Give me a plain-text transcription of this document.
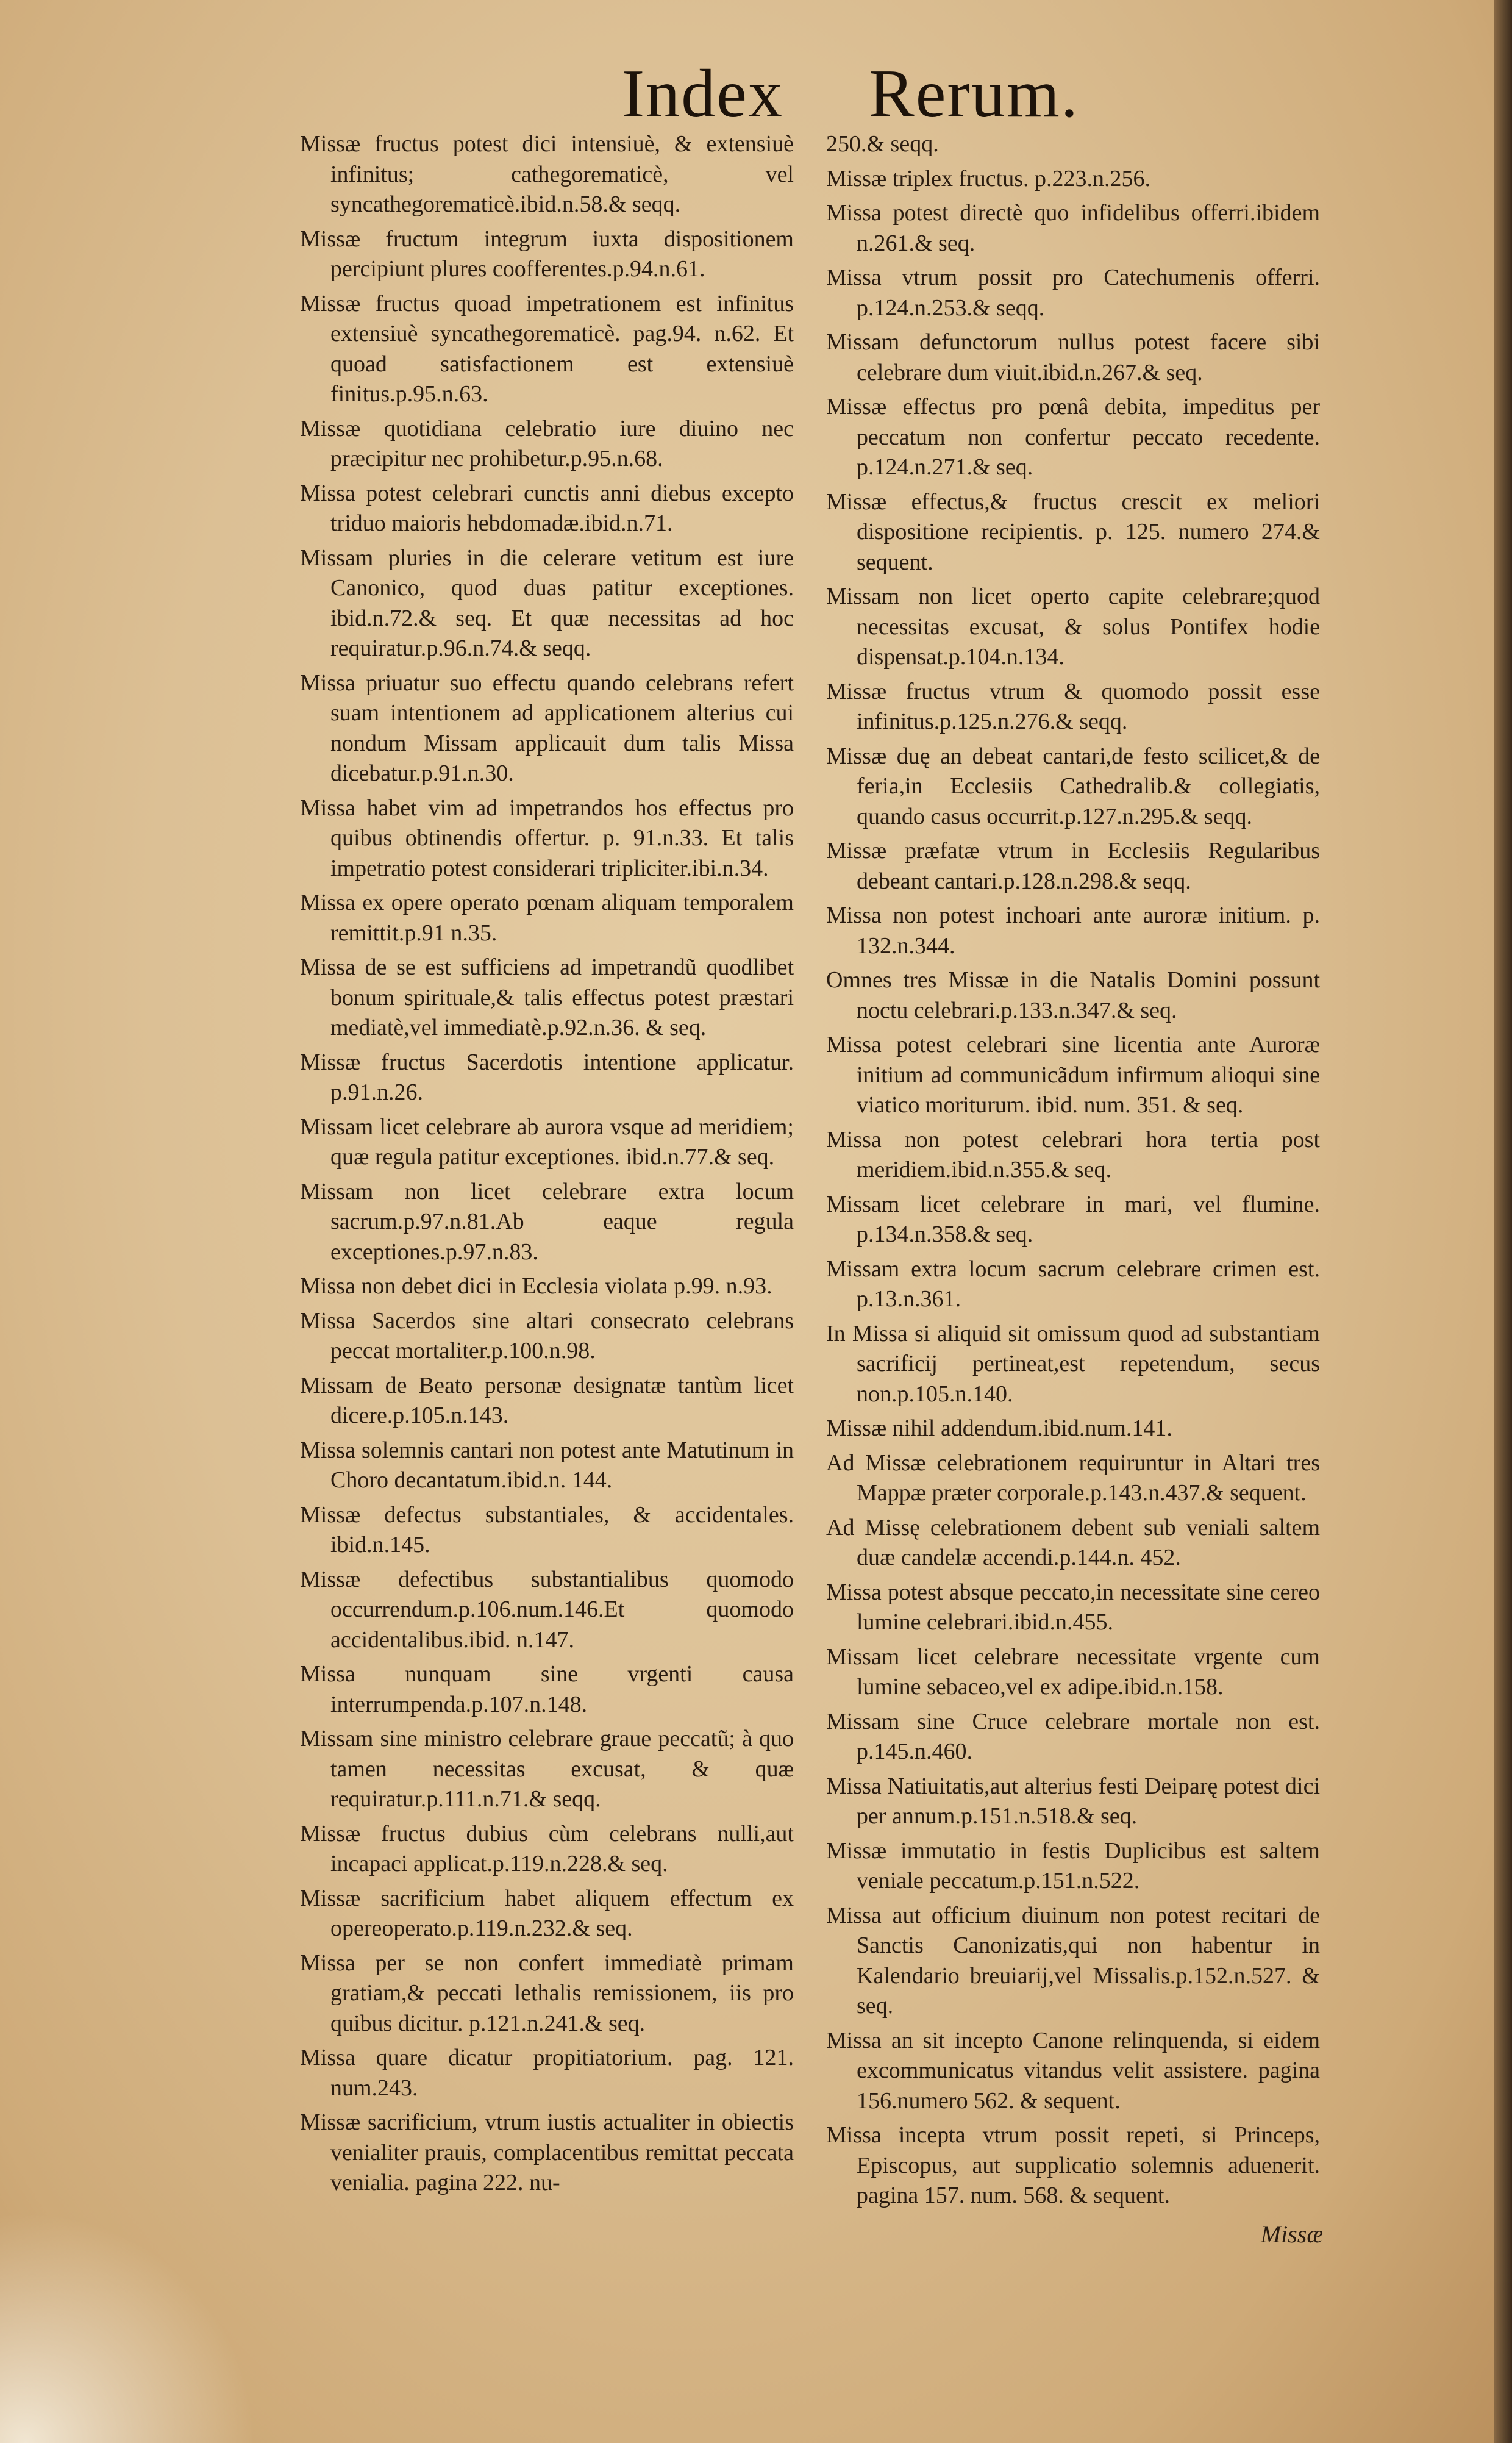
Index Rerum.

Missæ fructus potest dici intensiuè, & extensiuè infinitus; cathegorematicè, vel syncathegorematicè.ibid.n.58.& seqq.

Missæ fructum integrum iuxta dispositionem percipiunt plures coofferentes.p.94.n.61.

Missæ fructus quoad impetrationem est infinitus extensiuè syncathegorematicè. pag.94. n.62. Et quoad satisfactionem est extensiuè finitus.p.95.n.63.

Missæ quotidiana celebratio iure diuino nec præcipitur nec prohibetur.p.95.n.68.

Missa potest celebrari cunctis anni diebus excepto triduo maioris hebdomadæ.ibid.n.71.

Missam pluries in die celerare vetitum est iure Canonico, quod duas patitur exceptiones. ibid.n.72.& seq. Et quæ necessitas ad hoc requiratur.p.96.n.74.& seqq.

Missa priuatur suo effectu quando celebrans refert suam intentionem ad applicationem alterius cui nondum Missam applicauit dum talis Missa dicebatur.p.91.n.30.

Missa habet vim ad impetrandos hos effectus pro quibus obtinendis offertur. p. 91.n.33. Et talis impetratio potest considerari tripliciter.ibi.n.34.

Missa ex opere operato pœnam aliquam temporalem remittit.p.91 n.35.

Missa de se est sufficiens ad impetrandũ quodlibet bonum spirituale,& talis effectus potest præstari mediatè,vel immediatè.p.92.n.36. & seq.

Missæ fructus Sacerdotis intentione applicatur. p.91.n.26.

Missam licet celebrare ab aurora vsque ad meridiem; quæ regula patitur exceptiones. ibid.n.77.& seq.

Missam non licet celebrare extra locum sacrum.p.97.n.81.Ab eaque regula exceptiones.p.97.n.83.

Missa non debet dici in Ecclesia violata p.99. n.93.

Missa Sacerdos sine altari consecrato celebrans peccat mortaliter.p.100.n.98.

Missam de Beato personæ designatæ tantùm licet dicere.p.105.n.143.

Missa solemnis cantari non potest ante Matutinum in Choro decantatum.ibid.n. 144.

Missæ defectus substantiales, & accidentales. ibid.n.145.

Missæ defectibus substantialibus quomodo occurrendum.p.106.num.146.Et quomodo accidentalibus.ibid. n.147.

Missa nunquam sine vrgenti causa interrumpenda.p.107.n.148.

Missam sine ministro celebrare graue peccatũ; à quo tamen necessitas excusat, & quæ requiratur.p.111.n.71.& seqq.

Missæ fructus dubius cùm celebrans nulli,aut incapaci applicat.p.119.n.228.& seq.

Missæ sacrificium habet aliquem effectum ex opereoperato.p.119.n.232.& seq.

Missa per se non confert immediatè primam gratiam,& peccati lethalis remissionem, iis pro quibus dicitur. p.121.n.241.& seq.

Missa quare dicatur propitiatorium. pag. 121. num.243.

Missæ sacrificium, vtrum iustis actualiter in obiectis venialiter prauis, complacentibus remittat peccata venialia. pagina 222. nu-

250.& seqq.

Missæ triplex fructus. p.223.n.256.

Missa potest directè quo infidelibus offerri.ibidem n.261.& seq.

Missa vtrum possit pro Catechumenis offerri. p.124.n.253.& seqq.

Missam defunctorum nullus potest facere sibi celebrare dum viuit.ibid.n.267.& seq.

Missæ effectus pro pœnâ debita, impeditus per peccatum non confertur peccato recedente. p.124.n.271.& seq.

Missæ effectus,& fructus crescit ex meliori dispositione recipientis. p. 125. numero 274.& sequent.

Missam non licet operto capite celebrare;quod necessitas excusat, & solus Pontifex hodie dispensat.p.104.n.134.

Missæ fructus vtrum & quomodo possit esse infinitus.p.125.n.276.& seqq.

Missæ duę an debeat cantari,de festo scilicet,& de feria,in Ecclesiis Cathedralib.& collegiatis, quando casus occurrit.p.127.n.295.& seqq.

Missæ præfatæ vtrum in Ecclesiis Regularibus debeant cantari.p.128.n.298.& seqq.

Missa non potest inchoari ante auroræ initium. p. 132.n.344.

Omnes tres Missæ in die Natalis Domini possunt noctu celebrari.p.133.n.347.& seq.

Missa potest celebrari sine licentia ante Auroræ initium ad communicãdum infirmum alioqui sine viatico moriturum. ibid. num. 351. & seq.

Missa non potest celebrari hora tertia post meridiem.ibid.n.355.& seq.

Missam licet celebrare in mari, vel flumine. p.134.n.358.& seq.

Missam extra locum sacrum celebrare crimen est. p.13.n.361.

In Missa si aliquid sit omissum quod ad substantiam sacrificij pertineat,est repetendum, secus non.p.105.n.140.

Missæ nihil addendum.ibid.num.141.

Ad Missæ celebrationem requiruntur in Altari tres Mappæ præter corporale.p.143.n.437.& sequent.

Ad Missę celebrationem debent sub veniali saltem duæ candelæ accendi.p.144.n. 452.

Missa potest absque peccato,in necessitate sine cereo lumine celebrari.ibid.n.455.

Missam licet celebrare necessitate vrgente cum lumine sebaceo,vel ex adipe.ibid.n.158.

Missam sine Cruce celebrare mortale non est. p.145.n.460.

Missa Natiuitatis,aut alterius festi Deiparę potest dici per annum.p.151.n.518.& seq.

Missæ immutatio in festis Duplicibus est saltem veniale peccatum.p.151.n.522.

Missa aut officium diuinum non potest recitari de Sanctis Canonizatis,qui non habentur in Kalendario breuiarij,vel Missalis.p.152.n.527. & seq.

Missa an sit incepto Canone relinquenda, si eidem excommunicatus vitandus velit assistere. pagina 156.numero 562. & sequent.

Missa incepta vtrum possit repeti, si Princeps, Episcopus, aut supplicatio solemnis aduenerit. pagina 157. num. 568. & sequent.

Missæ
